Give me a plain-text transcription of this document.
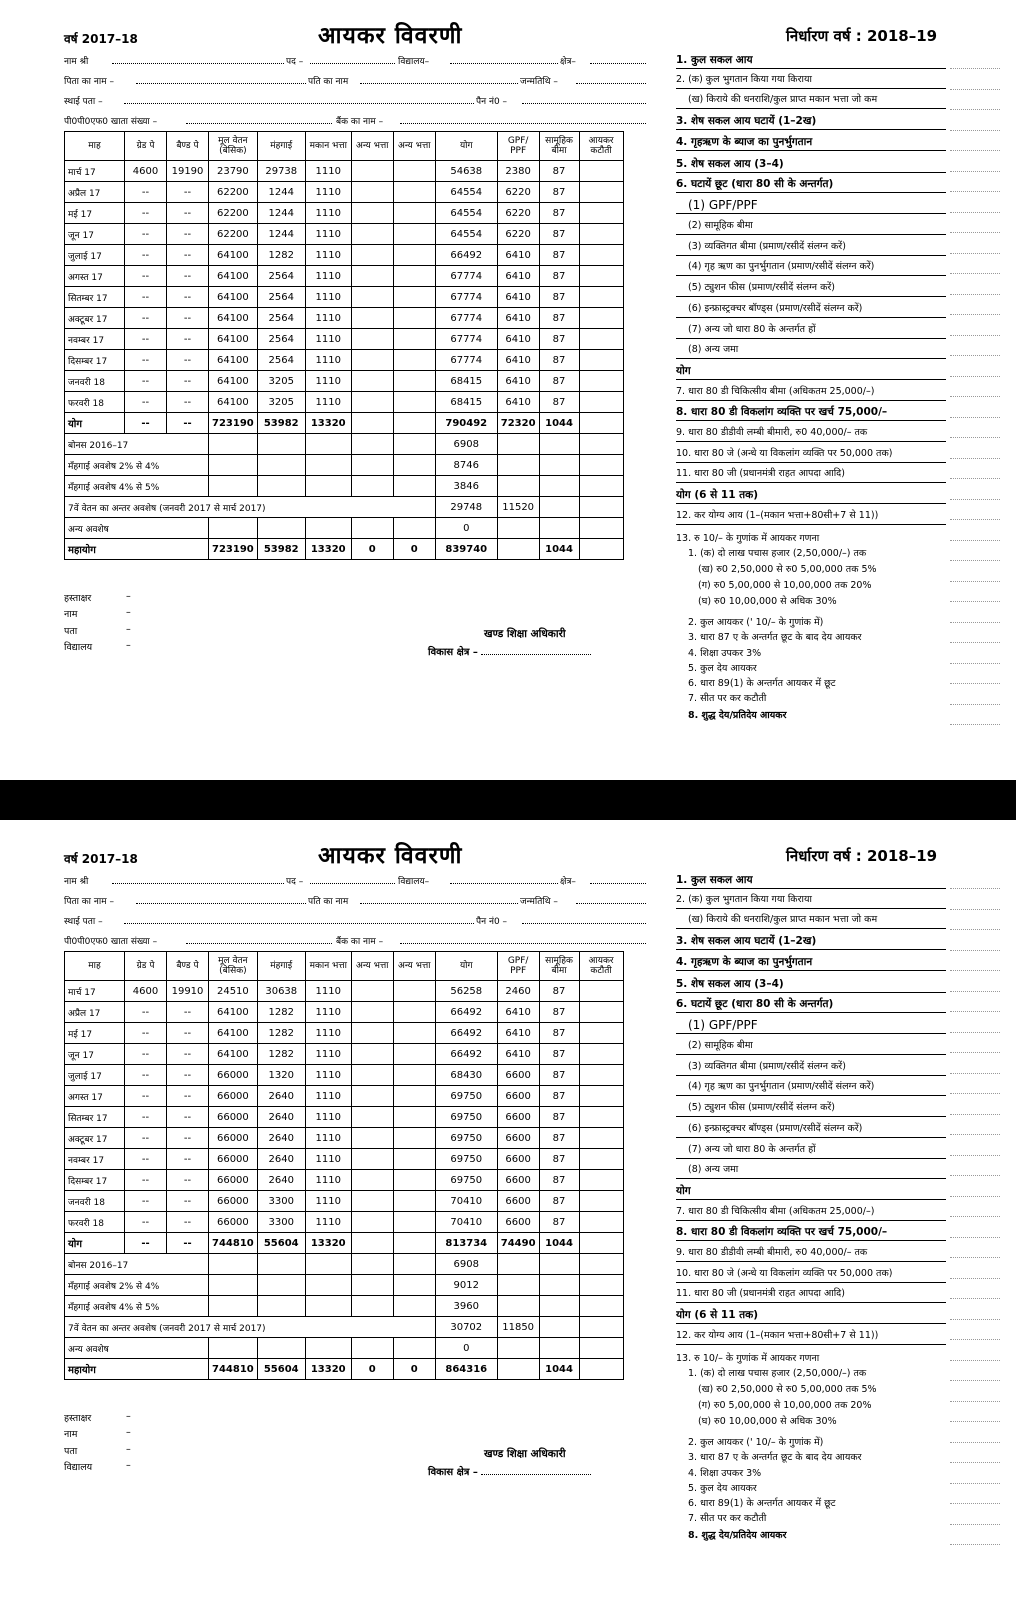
वर्ष 2017–18	आयकर विवरणी	निर्धारण वर्ष : 2018–19
नाम श्री	पद –	विद्यालय–	क्षेत्र–
पिता का नाम –	पति का नाम	जन्मतिथि –
स्थाई पता –	पैन नं0 –
पी0पी0एफ0 खाता संख्या –	बैंक का नाम –
माह	ग्रेड पे	बैण्ड पे	मूल वेतन (बेसिक)	मंहगाई	मकान भत्ता	अन्य भत्ता	अन्य भत्ता	योग	GPF/ PPF	सामूहिक बीमा	आयकर कटौती
मार्च 17	4600	19190	23790	29738	1110			54638	2380	87	
अप्रैल 17	--	--	62200	1244	1110			64554	6220	87	
मई 17	--	--	62200	1244	1110			64554	6220	87	
जून 17	--	--	62200	1244	1110			64554	6220	87	
जुलाई 17	--	--	64100	1282	1110			66492	6410	87	
अगस्त 17	--	--	64100	2564	1110			67774	6410	87	
सितम्बर 17	--	--	64100	2564	1110			67774	6410	87	
अक्टूबर 17	--	--	64100	2564	1110			67774	6410	87	
नवम्बर 17	--	--	64100	2564	1110			67774	6410	87	
दिसम्बर 17	--	--	64100	2564	1110			67774	6410	87	
जनवरी 18	--	--	64100	3205	1110			68415	6410	87	
फरवरी 18	--	--	64100	3205	1110			68415	6410	87	
योग	--	--	723190	53982	13320			790492	72320	1044	
बोनस 2016–17								6908			
मँहगाई अवशेष 2% से 4%								8746			
मँहगाई अवशेष 4% से 5%								3846			
7वें वेतन का अन्तर अवशेष (जनवरी 2017 से मार्च 2017)								29748	11520		
अन्य अवशेष								0			
महायोग			723190	53982	13320	0	0	839740		1044	
1. कुल सकल आय
2. (क) कुल भुगतान किया गया किराया
(ख) किराये की धनराशि/कुल प्राप्त मकान भत्ता जो कम
3. शेष सकल आय घटायें (1–2ख)
4. गृहऋण के ब्याज का पुनर्भुगतान
5. शेष सकल आय (3–4)
6. घटायें छूट (धारा 80 सी के अन्तर्गत)
(1) GPF/PPF
(2) सामूहिक बीमा
(3) व्यक्तिगत बीमा (प्रमाण/रसीदें संलग्न करें)
(4) गृह ऋण का पुनर्भुगतान (प्रमाण/रसीदें संलग्न करें)
(5) ट्युशन फीस (प्रमाण/रसीदें संलग्न करें)
(6) इन्फ्रास्ट्रक्चर बॉण्ड्स (प्रमाण/रसीदें संलग्न करें)
(7) अन्य जो धारा 80 के अन्तर्गत हों
(8) अन्य जमा
योग
7. धारा 80 डी चिकित्सीय बीमा (अधिकतम 25,000/–)
8. धारा 80 डी विकलांग व्यक्ति पर खर्च 75,000/–
9. धारा 80 डीडीवी लम्बी बीमारी, रु0 40,000/– तक
10. धारा 80 जे (अन्धे या विकलांग व्यक्ति पर 50,000 तक)
11. धारा 80 जी (प्रधानमंत्री राहत आपदा आदि)
योग (6 से 11 तक)
12. कर योग्य आय (1–(मकान भत्ता+80सी+7 से 11))
13. रु 10/– के गुणांक में आयकर गणना
1. (क) दो लाख पचास हजार (2,50,000/–) तक
(ख) रु0 2,50,000 से रु0 5,00,000 तक 5%
(ग) रु0 5,00,000 से 10,00,000 तक 20%
(घ) रु0 10,00,000 से अधिक 30%
2. कुल आयकर (' 10/– के गुणांक में)
3. धारा 87 ए के अन्तर्गत छूट के बाद देय आयकर
4. शिक्षा उपकर 3%
5. कुल देय आयकर
6. धारा 89(1) के अन्तर्गत आयकर में छूट
7. सीत पर कर कटौती
8. शुद्ध देय/प्रतिदेय आयकर
हस्ताक्षर	–
नाम	–
पता	–
विद्यालय	–
खण्ड शिक्षा अधिकारी
विकास क्षेत्र –
वर्ष 2017–18	आयकर विवरणी	निर्धारण वर्ष : 2018–19
नाम श्री	पद –	विद्यालय–	क्षेत्र–
पिता का नाम –	पति का नाम	जन्मतिथि –
स्थाई पता –	पैन नं0 –
पी0पी0एफ0 खाता संख्या –	बैंक का नाम –
माह	ग्रेड पे	बैण्ड पे	मूल वेतन (बेसिक)	मंहगाई	मकान भत्ता	अन्य भत्ता	अन्य भत्ता	योग	GPF/ PPF	सामूहिक बीमा	आयकर कटौती
मार्च 17	4600	19910	24510	30638	1110			56258	2460	87	
अप्रैल 17	--	--	64100	1282	1110			66492	6410	87	
मई 17	--	--	64100	1282	1110			66492	6410	87	
जून 17	--	--	64100	1282	1110			66492	6410	87	
जुलाई 17	--	--	66000	1320	1110			68430	6600	87	
अगस्त 17	--	--	66000	2640	1110			69750	6600	87	
सितम्बर 17	--	--	66000	2640	1110			69750	6600	87	
अक्टूबर 17	--	--	66000	2640	1110			69750	6600	87	
नवम्बर 17	--	--	66000	2640	1110			69750	6600	87	
दिसम्बर 17	--	--	66000	2640	1110			69750	6600	87	
जनवरी 18	--	--	66000	3300	1110			70410	6600	87	
फरवरी 18	--	--	66000	3300	1110			70410	6600	87	
योग	--	--	744810	55604	13320			813734	74490	1044	
बोनस 2016–17								6908			
मँहगाई अवशेष 2% से 4%								9012			
मँहगाई अवशेष 4% से 5%								3960			
7वें वेतन का अन्तर अवशेष (जनवरी 2017 से मार्च 2017)								30702	11850		
अन्य अवशेष								0			
महायोग			744810	55604	13320	0	0	864316		1044	
1. कुल सकल आय
2. (क) कुल भुगतान किया गया किराया
(ख) किराये की धनराशि/कुल प्राप्त मकान भत्ता जो कम
3. शेष सकल आय घटायें (1–2ख)
4. गृहऋण के ब्याज का पुनर्भुगतान
5. शेष सकल आय (3–4)
6. घटायें छूट (धारा 80 सी के अन्तर्गत)
(1) GPF/PPF
(2) सामूहिक बीमा
(3) व्यक्तिगत बीमा (प्रमाण/रसीदें संलग्न करें)
(4) गृह ऋण का पुनर्भुगतान (प्रमाण/रसीदें संलग्न करें)
(5) ट्युशन फीस (प्रमाण/रसीदें संलग्न करें)
(6) इन्फ्रास्ट्रक्चर बॉण्ड्स (प्रमाण/रसीदें संलग्न करें)
(7) अन्य जो धारा 80 के अन्तर्गत हों
(8) अन्य जमा
योग
7. धारा 80 डी चिकित्सीय बीमा (अधिकतम 25,000/–)
8. धारा 80 डी विकलांग व्यक्ति पर खर्च 75,000/–
9. धारा 80 डीडीवी लम्बी बीमारी, रु0 40,000/– तक
10. धारा 80 जे (अन्धे या विकलांग व्यक्ति पर 50,000 तक)
11. धारा 80 जी (प्रधानमंत्री राहत आपदा आदि)
योग (6 से 11 तक)
12. कर योग्य आय (1–(मकान भत्ता+80सी+7 से 11))
13. रु 10/– के गुणांक में आयकर गणना
1. (क) दो लाख पचास हजार (2,50,000/–) तक
(ख) रु0 2,50,000 से रु0 5,00,000 तक 5%
(ग) रु0 5,00,000 से 10,00,000 तक 20%
(घ) रु0 10,00,000 से अधिक 30%
2. कुल आयकर (' 10/– के गुणांक में)
3. धारा 87 ए के अन्तर्गत छूट के बाद देय आयकर
4. शिक्षा उपकर 3%
5. कुल देय आयकर
6. धारा 89(1) के अन्तर्गत आयकर में छूट
7. सीत पर कर कटौती
8. शुद्ध देय/प्रतिदेय आयकर
हस्ताक्षर	–
नाम	–
पता	–
विद्यालय	–
खण्ड शिक्षा अधिकारी
विकास क्षेत्र –
